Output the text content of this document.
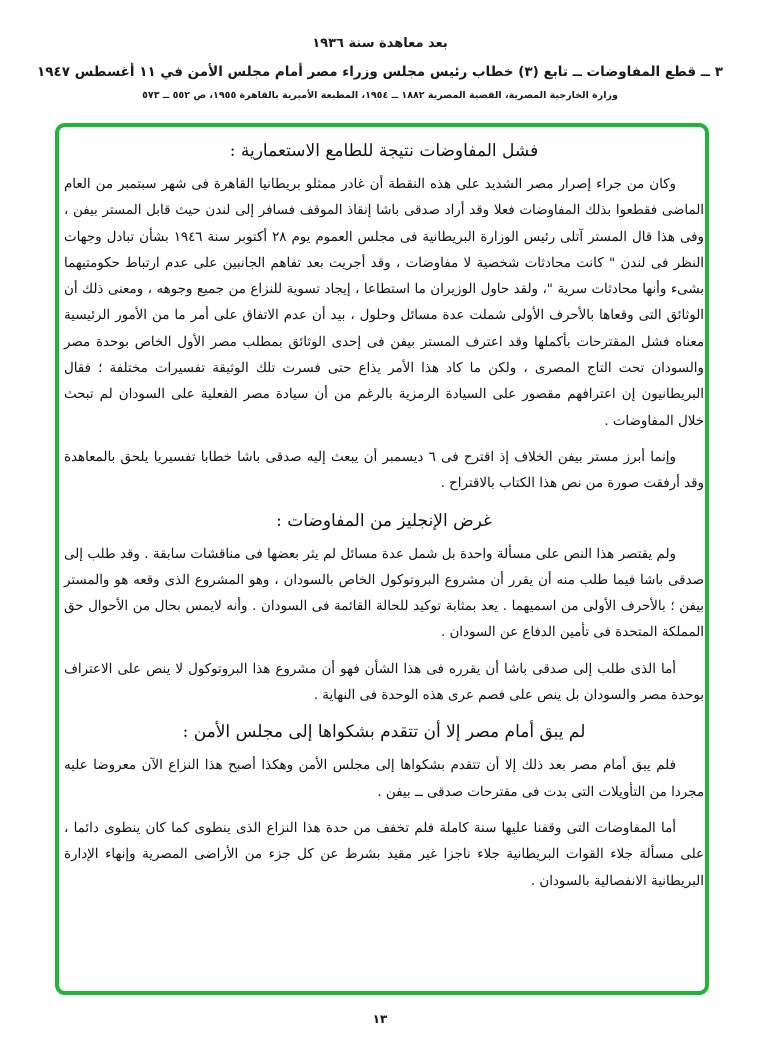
بعد معاهدة سنة ١٩٣٦
٣ ــ قطع المفاوضات ــ تابع (٣) خطاب رئيس مجلس وزراء مصر أمام مجلس الأمن في ١١ أغسطس ١٩٤٧
وزارة الخارجية المصرية، القضية المصرية ١٨٨٢ ــ ١٩٥٤، المطبعة الأميرية بالقاهرة ١٩٥٥، ص ٥٥٢ ــ ٥٧٣
فشل المفاوضات نتيجة للطامع الاستعمارية :

وكان من جراء إصرار مصر الشديد على هذه النقطة أن غادر ممثلو بريطانيا القاهرة فى شهر سبتمبر من العام الماضى فقطعوا بذلك المفاوضات فعلا وقد أراد صدقى باشا إنقاذ الموقف فسافر إلى لندن حيث قابل المستر بيفن ، وفى هذا قال المستر آتلى رئيس الوزارة البريطانية فى مجلس العموم يوم ٢٨ أكتوبر سنة ١٩٤٦ بشأن تبادل وجهات النظر فى لندن " كانت محادثات شخصية لا مفاوضات ، وقد أجريت بعد تفاهم الجانبين على عدم ارتباط حكومتيهما بشىء وأنها محادثات سرية "، ولقد حاول الوزيران ما استطاعا ، إيجاد تسوية للنزاع من جميع وجوهه ، ومعنى ذلك أن الوثائق التى وقعاها بالأحرف الأولى شملت عدة مسائل وحلول ، بيد أن عدم الاتفاق على أمر ما من الأمور الرئيسية معناه فشل المقترحات بأكملها وقد اعترف المستر بيفن فى إحدى الوثائق بمطلب مصر الأول الخاص بوحدة مصر والسودان تحت التاج المصرى ، ولكن ما كاد هذا الأمر يذاع حتى فسرت تلك الوثيقة تفسيرات مختلفة ؛ فقال البريطانيون إن اعترافهم مقصور على السيادة الرمزية بالرغم من أن سيادة مصر الفعلية على السودان لم تبحث خلال المفاوضات .

وإنما أبرز مستر بيفن الخلاف إذ اقترح فى ٦ ديسمبر أن يبعث إليه صدقى باشا خطابا تفسيريا يلحق بالمعاهدة وقد أرفقت صورة من نص هذا الكتاب بالاقتراح .

غرض الإنجليز من المفاوضات :

ولم يقتصر هذا النص على مسألة واحدة بل شمل عدة مسائل لم يثر بعضها فى مناقشات سابقة . وقد طلب إلى صدقى باشا فيما طلب منه أن يقرر أن مشروع البروتوكول الخاص بالسودان ، وهو المشروع الذى وقعه هو والمستر بيفن ؛ بالأحرف الأولى من اسميهما . يعد بمثابة توكيد للحالة القائمة فى السودان . وأنه لايمس بحال من الأحوال حق المملكة المتحدة فى تأمين الدفاع عن السودان .

أما الذى طلب إلى صدقى باشا أن يقرره فى هذا الشأن فهو أن مشروع هذا البروتوكول لا ينص على الاعتراف بوحدة مصر والسودان بل ينص على فصم عرى هذه الوحدة فى النهاية .

لم يبق أمام مصر إلا أن تتقدم بشكواها إلى مجلس الأمن :

فلم يبق أمام مصر بعد ذلك إلا أن تتقدم بشكواها إلى مجلس الأمن وهكذا أصبح هذا النزاع الآن معروضا عليه مجردا من التأويلات التى بدت فى مقترحات صدقى ــ بيفن .

أما المفاوضات التى وقفنا عليها سنة كاملة فلم تخفف من حدة هذا النزاع الذى ينطوى كما كان ينطوى دائما ، على مسألة جلاء القوات البريطانية جلاء ناجزا غير مقيد بشرط عن كل جزء من الأراضى المصرية وإنهاء الإدارة البريطانية الانفصالية بالسودان .

١٣
